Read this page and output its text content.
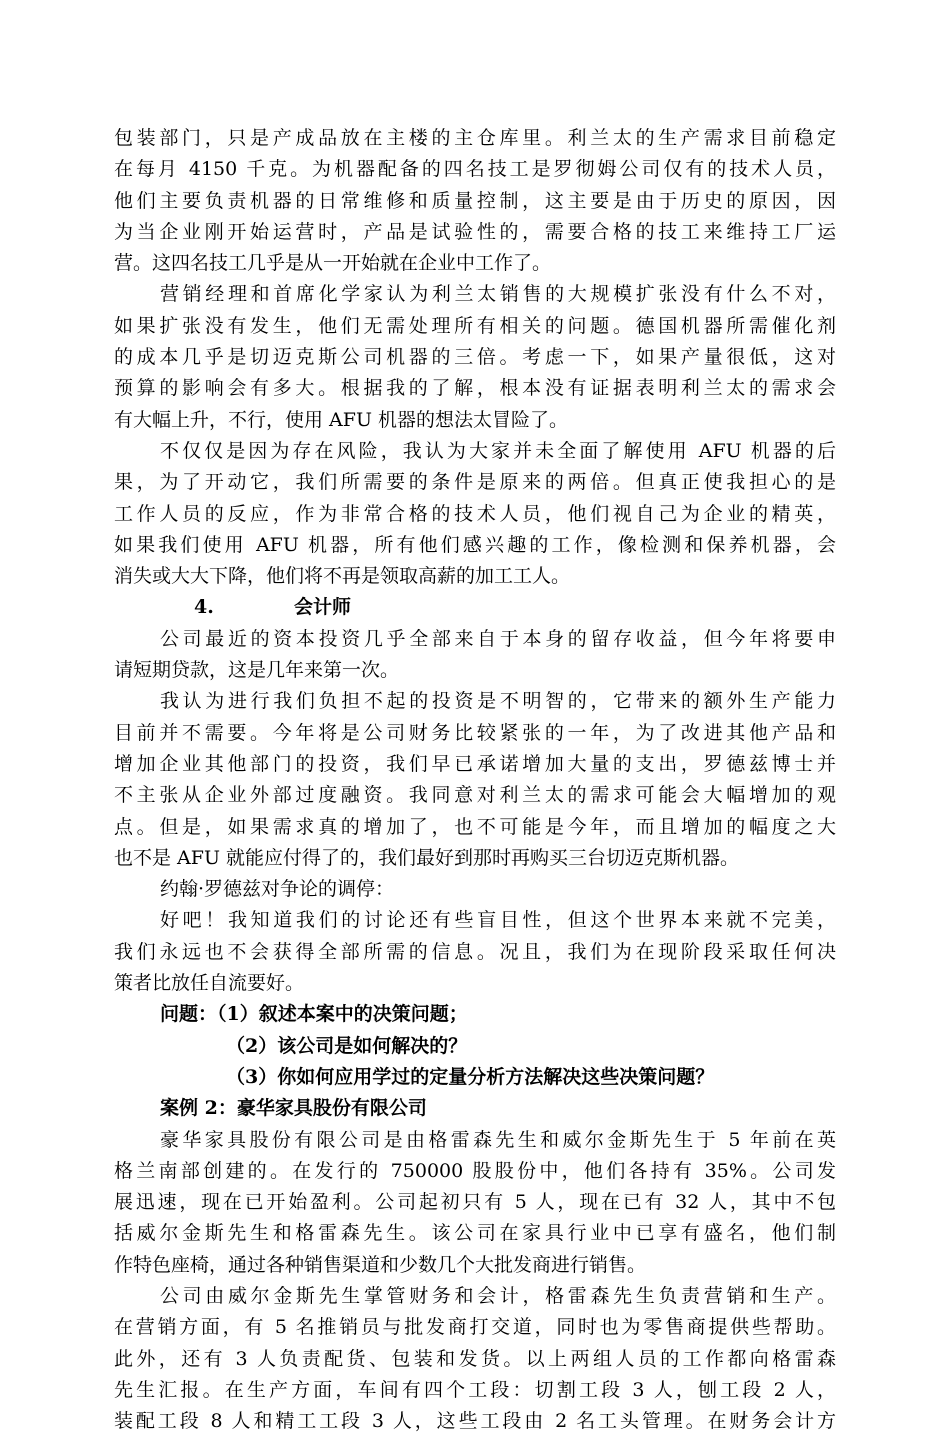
包装部门，只是产成品放在主楼的主仓库里。利兰太的生产需求目前稳定
在每月 4150 千克。为机器配备的四名技工是罗彻姆公司仅有的技术人员，
他们主要负责机器的日常维修和质量控制，这主要是由于历史的原因，因
为当企业刚开始运营时，产品是试验性的，需要合格的技工来维持工厂运
营。这四名技工几乎是从一开始就在企业中工作了。
营销经理和首席化学家认为利兰太销售的大规模扩张没有什么不对，
如果扩张没有发生，他们无需处理所有相关的问题。德国机器所需催化剂
的成本几乎是切迈克斯公司机器的三倍。考虑一下，如果产量很低，这对
预算的影响会有多大。根据我的了解，根本没有证据表明利兰太的需求会
有大幅上升，不行，使用 AFU 机器的想法太冒险了。
不仅仅是因为存在风险，我认为大家并未全面了解使用 AFU 机器的后
果，为了开动它，我们所需要的条件是原来的两倍。但真正使我担心的是
工作人员的反应，作为非常合格的技术人员，他们视自己为企业的精英，
如果我们使用 AFU 机器，所有他们感兴趣的工作，像检测和保养机器，会
消失或大大下降，他们将不再是领取高薪的加工工人。
4.	会计师
公司最近的资本投资几乎全部来自于本身的留存收益，但今年将要申
请短期贷款，这是几年来第一次。
我认为进行我们负担不起的投资是不明智的，它带来的额外生产能力
目前并不需要。今年将是公司财务比较紧张的一年，为了改进其他产品和
增加企业其他部门的投资，我们早已承诺增加大量的支出，罗德兹博士并
不主张从企业外部过度融资。我同意对利兰太的需求可能会大幅增加的观
点。但是，如果需求真的增加了，也不可能是今年，而且增加的幅度之大
也不是 AFU 就能应付得了的，我们最好到那时再购买三台切迈克斯机器。
约翰·罗德兹对争论的调停：
好吧！我知道我们的讨论还有些盲目性，但这个世界本来就不完美，
我们永远也不会获得全部所需的信息。况且，我们为在现阶段采取任何决
策者比放任自流要好。
问题：（1）叙述本案中的决策问题；
（2）该公司是如何解决的？
（3）你如何应用学过的定量分析方法解决这些决策问题？
案例 2：豪华家具股份有限公司
豪华家具股份有限公司是由格雷森先生和威尔金斯先生于 5 年前在英
格兰南部创建的。在发行的 750000 股股份中，他们各持有 35%。公司发
展迅速，现在已开始盈利。公司起初只有 5 人，现在已有 32 人，其中不包
括威尔金斯先生和格雷森先生。该公司在家具行业中已享有盛名，他们制
作特色座椅，通过各种销售渠道和少数几个大批发商进行销售。
公司由威尔金斯先生掌管财务和会计，格雷森先生负责营销和生产。
在营销方面，有 5 名推销员与批发商打交道，同时也为零售商提供些帮助。
此外，还有 3 人负责配货、包装和发货。以上两组人员的工作都向格雷森
先生汇报。在生产方面，车间有四个工段：切割工段 3 人，刨工段 2 人，
装配工段 8 人和精工工段 3 人，这些工段由 2 名工头管理。在财务会计方
